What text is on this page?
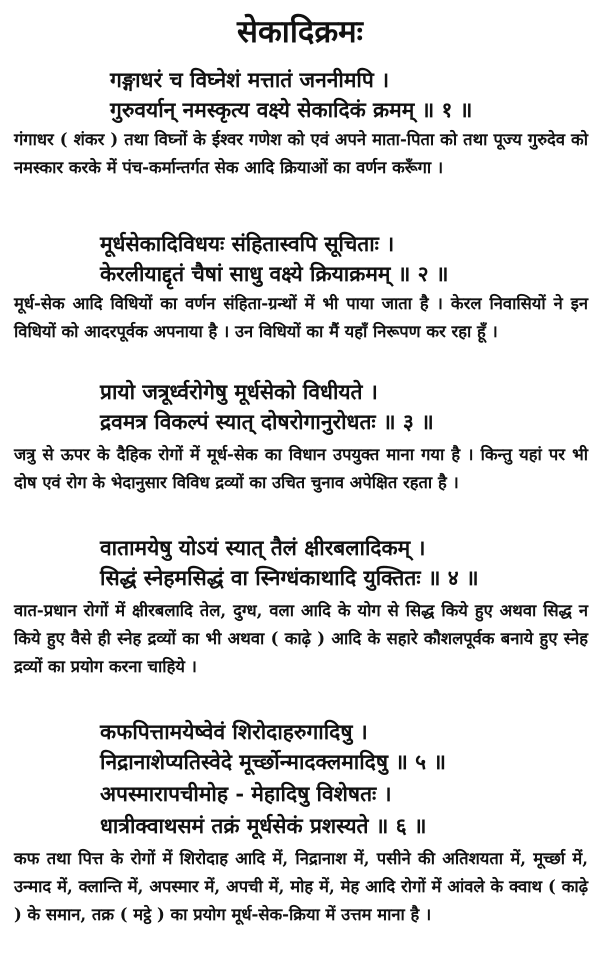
सेकादिक्रमः
गङ्गाधरं च विघ्नेशं मत्तातं जननीमपि ।
गुरुवर्यान् नमस्कृत्य वक्ष्ये सेकादिकं क्रमम् ॥ १ ॥

गंगाधर ( शंकर ) तथा विघ्नों के ईश्वर गणेश को एवं अपने माता-पिता को तथा पूज्य गुरुदेव को नमस्कार करके में पंच-कर्मान्तर्गत सेक आदि क्रियाओं का वर्णन करूँगा ।

मूर्धसेकादिविधयः संहितास्वपि सूचिताः ।
केरलीयाद्दृतं चैषां साधु वक्ष्ये क्रियाक्रमम् ॥ २ ॥

मूर्ध-सेक आदि विधियों का वर्णन संहिता-ग्रन्थों में भी पाया जाता है । केरल निवासियों ने इन विधियों को आदरपूर्वक अपनाया है । उन विधियों का मैं यहाँ निरूपण कर रहा हूँ ।

प्रायो जत्रूर्ध्वरोगेषु मूर्धसेको विधीयते ।
द्रवमत्र विकल्पं स्यात् दोषरोगानुरोधतः ॥ ३ ॥

जत्रु से ऊपर के दैहिक रोगों में मूर्ध-सेक का विधान उपयुक्त माना गया है । किन्तु यहां पर भी दोष एवं रोग के भेदानुसार विविध द्रव्यों का उचित चुनाव अपेक्षित रहता है ।

वातामयेषु योऽयं स्यात् तैलं क्षीरबलादिकम् ।
सिद्धं स्नेहमसिद्धं वा स्निग्धंकाथादि युक्तितः ॥ ४ ॥

वात-प्रधान रोगों में क्षीरबलादि तेल, दुग्ध, वला आदि के योग से सिद्ध किये हुए अथवा सिद्ध न किये हुए वैसे ही स्नेह द्रव्यों का भी अथवा ( काढ़े ) आदि के सहारे कौशलपूर्वक बनाये हुए स्नेह द्रव्यों का प्रयोग करना चाहिये ।

कफपित्तामयेष्वेवं शिरोदाहरुगादिषु ।
निद्रानाशेप्यतिस्वेदे मूर्च्छोन्मादक्लमादिषु ॥ ५ ॥
अपस्मारापचीमोह - मेहादिषु विशेषतः ।
धात्रीक्वाथसमं तक्रं मूर्धसेकं प्रशस्यते ॥ ६ ॥

कफ तथा पित्त के रोगों में शिरोदाह आदि में, निद्रानाश में, पसीने की अतिशयता में, मूर्च्छा में, उन्माद में, क्लान्ति में, अपस्मार में, अपची में, मोह में, मेह आदि रोगों में आंवले के क्वाथ ( काढ़े ) के समान, तक्र ( मट्ठे ) का प्रयोग मूर्ध-सेक-क्रिया में उत्तम माना है ।
